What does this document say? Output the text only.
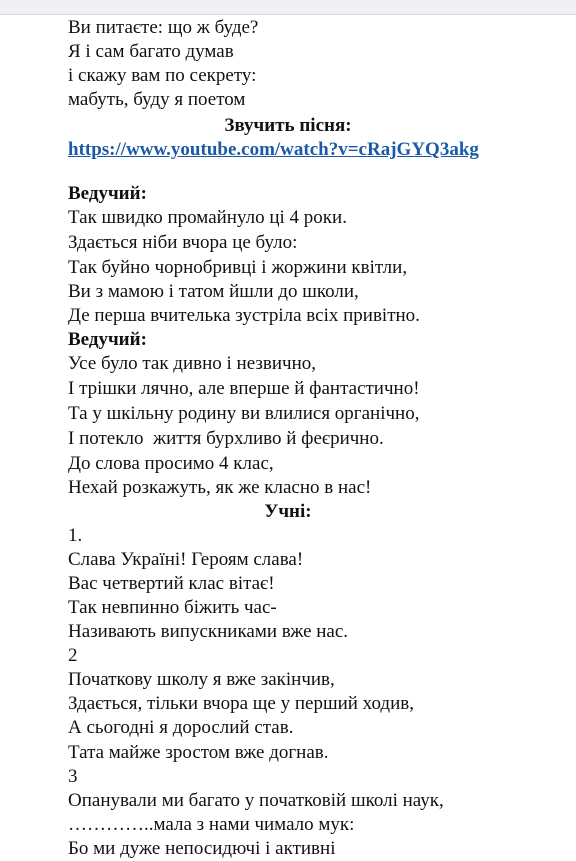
Ви питаєте: що ж буде?
Я і сам багато думав
і скажу вам по секрету:
мабуть, буду я поетом
Звучить пісня:
https://www.youtube.com/watch?v=cRajGYQ3akg
Ведучий:
Так швидко промайнуло ці 4 роки.
Здається ніби вчора це було:
Так буйно чорнобривці і жоржини квітли,
Ви з мамою і татом йшли до школи,
Де перша вчителька зустріла всіх привітно.
Ведучий:
Усе було так дивно і незвично,
І трішки лячно, але вперше й фантастично!
Та у шкільну родину ви влилися органічно,
І потекло  життя бурхливо й феєрично.
До слова просимо 4 клас,
Нехай розкажуть, як же класно в нас!
Учні:
1.
Слава Україні! Героям слава!
Вас четвертий клас вітає!
Так невпинно біжить час-
Називають випускниками вже нас.
2
Початкову школу я вже закінчив,
Здається, тільки вчора ще у перший ходив,
А сьогодні я дорослий став.
Тата майже зростом вже догнав.
3
Опанували ми багато у початковій школі наук,
…………..мала з нами чимало мук:
Бо ми дуже непосидючі і активні
